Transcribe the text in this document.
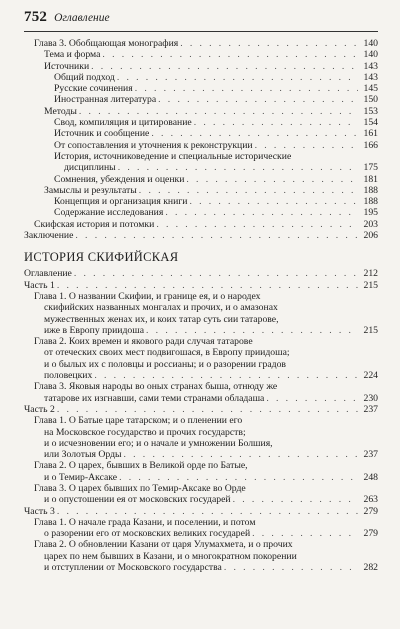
752 Оглавление
Глава 3. Обобщающая монография . . .	140
Тема и форма . . .	140
Источники . . .	143
Общий подход . . .	143
Русские сочинения . . .	145
Иностранная литература . . .	150
Методы . . .	153
Свод, компиляция и цитирование . . .	154
Источник и сообщение . . .	161
От сопоставления и уточнения к реконструкции . . .	166
История, источниковедение и специальные исторические
дисциплины . . .	175
Сомнения, убеждения и оценки . . .	181
Замыслы и результаты . . .	188
Концепция и организация книги . . .	188
Содержание исследования . . .	195
Скифская история и потомки . . .	203
Заключение . . .	206
ИСТОРИЯ СКИФИЙСКАЯ
Оглавление . . .	212
Часть 1 . . .	215
Глава 1. О названии Скифии, и границе ея, и о народех
скифийских названных монгалах и прочих, и о амазонах
мужественных женах их, и коих татар суть сии татарове,
иже в Европу приидоша . . .	215
Глава 2. Коих времен и якового ради случая татарове
от отеческих своих мест подвигошася, в Европу приидоша;
и о былых их с половцы и россианы; и о разорении градов
половецких . . .	224
Глава 3. Яковыя народы во оных странах быша, отнюду же
татарове их изгнавши, сами теми странами обладаша . . .	230
Часть 2 . . .	237
Глава 1. О Батые царе татарском; и о пленении его
на Московское государство и прочих государств;
и о исчезновении его; и о начале и умножении Болшия,
или Золотыя Орды . . .	237
Глава 2. О царех, бывших в Великой орде по Батые,
и о Темир-Аксаке . . .	248
Глава 3. О царех бывших по Темир-Аксаке во Орде
и о опустошении ея от московских государей . . .	263
Часть 3 . . .	279
Глава 1. О начале града Казани, и поселении, и потом
о разорении его от московских великих государей . . .	279
Глава 2. О обновлении Казани от царя Улумахмета, и о прочих
царех по нем бывших в Казани, и о многократном покорении
и отступлении от Московского государства . . .	282
